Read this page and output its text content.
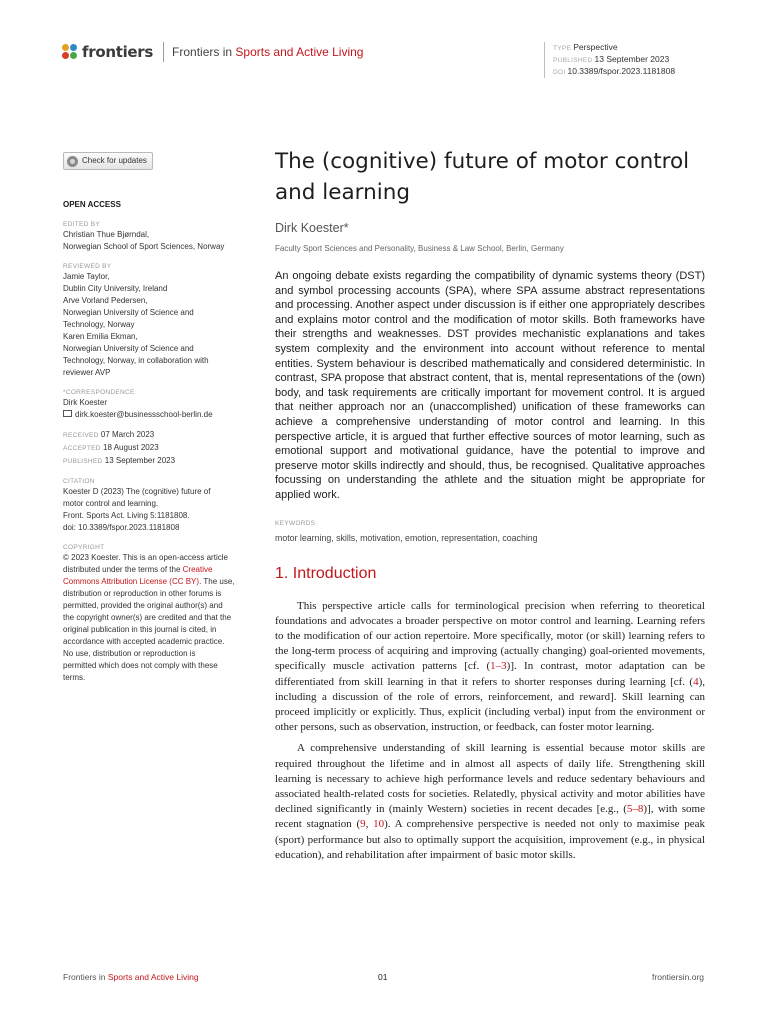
frontiers Frontiers in Sports and Active Living	TYPE Perspective
PUBLISHED 13 September 2023
DOI 10.3389/fspor.2023.1181808
Check for updates
OPEN ACCESS
EDITED BY
Christian Thue Bjørndal,
Norwegian School of Sport Sciences, Norway
REVIEWED BY
Jamie Taylor,
Dublin City University, Ireland
Arve Vorland Pedersen,
Norwegian University of Science and
Technology, Norway
Karen Emilia Ekman,
Norwegian University of Science and
Technology, Norway, in collaboration with
reviewer AVP
*CORRESPONDENCE
Dirk Koester
dirk.koester@businessschool-berlin.de
RECEIVED 07 March 2023
ACCEPTED 18 August 2023
PUBLISHED 13 September 2023
CITATION
Koester D (2023) The (cognitive) future of
motor control and learning.
Front. Sports Act. Living 5:1181808.
doi: 10.3389/fspor.2023.1181808
COPYRIGHT
© 2023 Koester. This is an open-access article
distributed under the terms of the Creative
Commons Attribution License (CC BY). The use,
distribution or reproduction in other forums is
permitted, provided the original author(s) and
the copyright owner(s) are credited and that the
original publication in this journal is cited, in
accordance with accepted academic practice.
No use, distribution or reproduction is
permitted which does not comply with these
terms.
The (cognitive) future of motor control and learning
Dirk Koester*
Faculty Sport Sciences and Personality, Business & Law School, Berlin, Germany
An ongoing debate exists regarding the compatibility of dynamic systems theory (DST) and symbol processing accounts (SPA), where SPA assume abstract representations and processing. Another aspect under discussion is if either one appropriately describes and explains motor control and the modification of motor skills. Both frameworks have their strengths and weaknesses. DST provides mechanistic explanations and takes system complexity and the environment into account without reference to mental entities. System behaviour is described mathematically and considered deterministic. In contrast, SPA propose that abstract content, that is, mental representations of the (own) body, and task requirements are critically important for movement control. It is argued that neither approach nor an (unaccomplished) unification of these frameworks can achieve a comprehensive understanding of motor control and learning. In this perspective article, it is argued that further effective sources of motor learning, such as emotional support and motivational guidance, have the potential to improve and preserve motor skills indirectly and should, thus, be recognised. Qualitative approaches focussing on understanding the athlete and the situation might be appropriate for applied work.
KEYWORDS
motor learning, skills, motivation, emotion, representation, coaching
1. Introduction

This perspective article calls for terminological precision when referring to theoretical foundations and advocates a broader perspective on motor control and learning. Learning refers to the modification of our action repertoire. More specifically, motor (or skill) learning refers to the long-term process of acquiring and improving (actually changing) goal-oriented movements, specifically muscle activation patterns [cf. (1–3)]. In contrast, motor adaptation can be differentiated from skill learning in that it refers to shorter responses during learning [cf. (4), including a discussion of the role of errors, reinforcement, and reward]. Skill learning can proceed implicitly or explicitly. Thus, explicit (including verbal) input from the environment or other persons, such as observation, instruction, or feedback, can foster motor learning.

A comprehensive understanding of skill learning is essential because motor skills are required throughout the lifetime and in almost all aspects of daily life. Strengthening skill learning is necessary to achieve high performance levels and reduce sedentary behaviours and associated health-related costs for societies. Relatedly, physical activity and motor abilities have declined significantly in (mainly Western) societies in recent decades [e.g., (5–8)], with some recent stagnation (9, 10). A comprehensive perspective is needed not only to maximise peak (sport) performance but also to optimally support the acquisition, improvement (e.g., in physical education), and rehabilitation after impairment of basic motor skills.

Frontiers in Sports and Active Living	01	frontiersin.org
